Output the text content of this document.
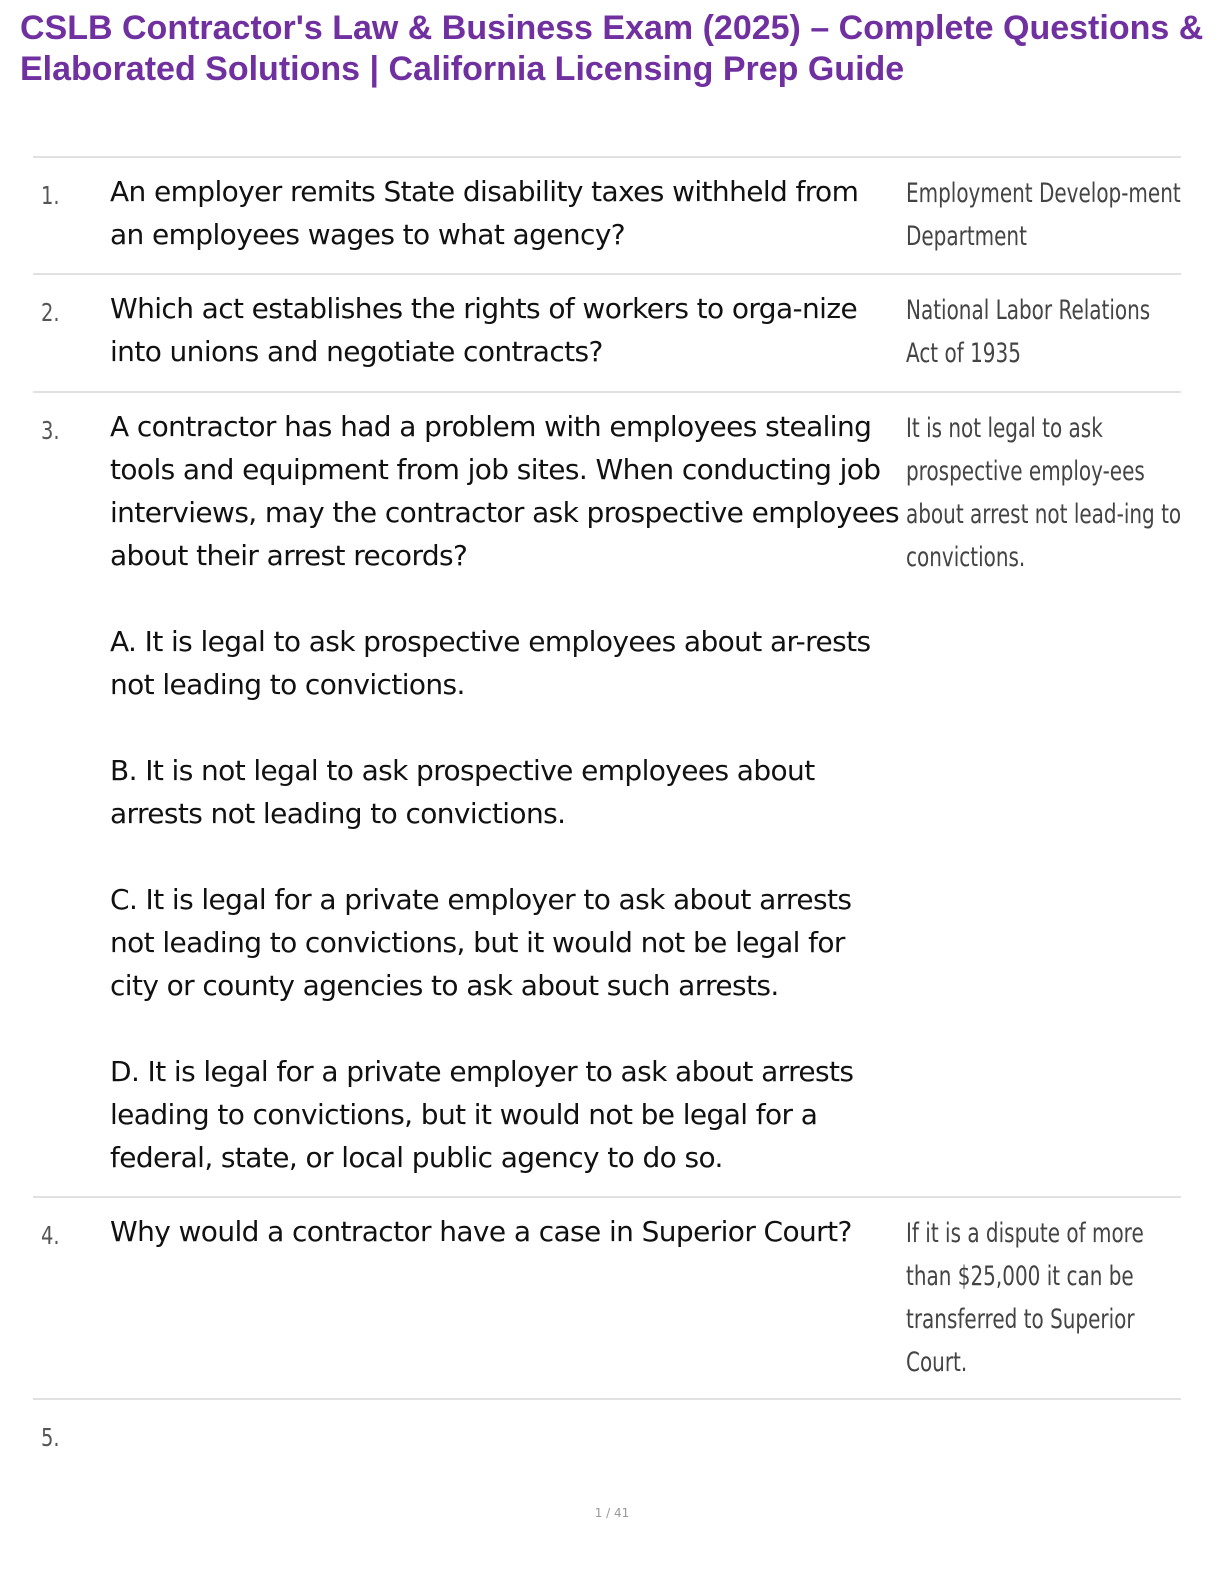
CSLB Contractor's Law & Business Exam (2025) – Complete Questions & Elaborated Solutions | California Licensing Prep Guide
1. An employer remits State disability taxes withheld from an employees wages to what agency?

Employment Develop-ment Department
2. Which act establishes the rights of workers to orga-nize into unions and negotiate contracts?

National Labor Relations Act of 1935
3. A contractor has had a problem with employees stealing tools and equipment from job sites. When conducting job interviews, may the contractor ask prospective employees about their arrest records?

A. It is legal to ask prospective employees about ar-rests not leading to convictions.

B. It is not legal to ask prospective employees about arrests not leading to convictions.

C. It is legal for a private employer to ask about arrests not leading to convictions, but it would not be legal for city or county agencies to ask about such arrests.

D. It is legal for a private employer to ask about arrests leading to convictions, but it would not be legal for a federal, state, or local public agency to do so.

It is not legal to ask prospective employ-ees about arrest not lead-ing to convictions.
4. Why would a contractor have a case in Superior Court?	If it is a dispute of more than $25,000 it can be transferred to Superior Court.
5.

1 / 41
